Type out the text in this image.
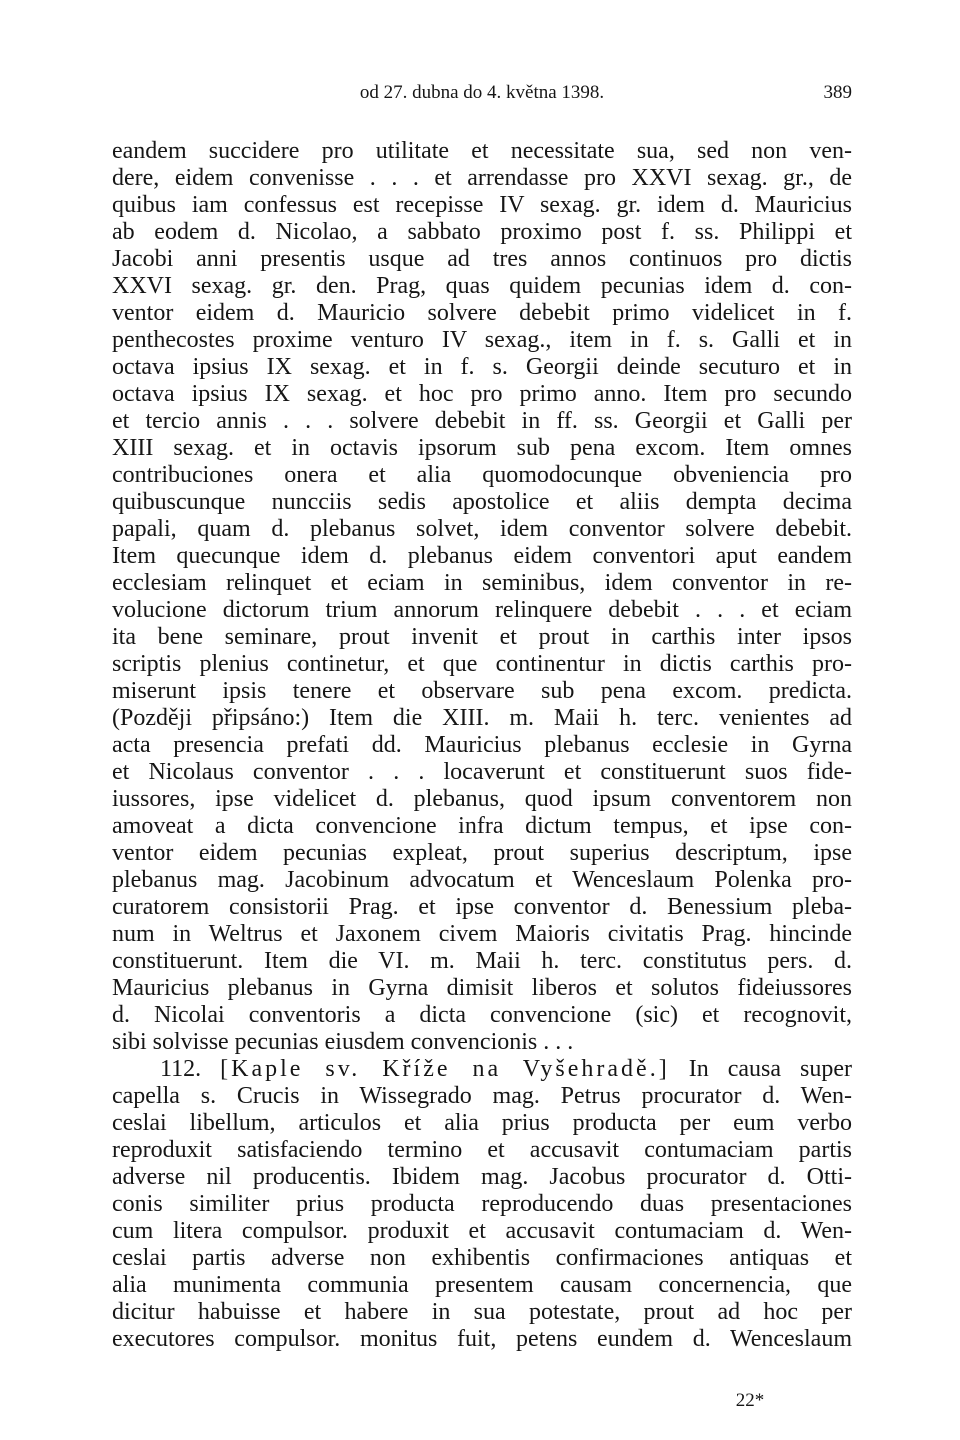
od 27. dubna do 4. května 1398.	389
eandem succidere pro utilitate et necessitate sua, sed non ven-
dere, eidem convenisse . . . et arrendasse pro XXVI sexag. gr., de
quibus iam confessus est recepisse IV sexag. gr. idem d. Mauricius
ab eodem d. Nicolao, a sabbato proximo post f. ss. Philippi et
Jacobi anni presentis usque ad tres annos continuos pro dictis
XXVI sexag. gr. den. Prag, quas quidem pecunias idem d. con-
ventor eidem d. Mauricio solvere debebit primo videlicet in f.
penthecostes proxime venturo IV sexag., item in f. s. Galli et in
octava ipsius IX sexag. et in f. s. Georgii deinde secuturo et in
octava ipsius IX sexag. et hoc pro primo anno. Item pro secundo
et tercio annis . . . solvere debebit in ff. ss. Georgii et Galli per
XIII sexag. et in octavis ipsorum sub pena excom. Item omnes
contribuciones onera et alia quomodocunque obveniencia pro
quibuscunque nuncciis sedis apostolice et aliis dempta decima
papali, quam d. plebanus solvet, idem conventor solvere debebit.
Item quecunque idem d. plebanus eidem conventori aput eandem
ecclesiam relinquet et eciam in seminibus, idem conventor in re-
volucione dictorum trium annorum relinquere debebit . . . et eciam
ita bene seminare, prout invenit et prout in carthis inter ipsos
scriptis plenius continetur, et que continentur in dictis carthis pro-
miserunt ipsis tenere et observare sub pena excom. predicta.
(Později připsáno:) Item die XIII. m. Maii h. terc. venientes ad
acta presencia prefati dd. Mauricius plebanus ecclesie in Gyrna
et Nicolaus conventor . . . locaverunt et constituerunt suos fide-
iussores, ipse videlicet d. plebanus, quod ipsum conventorem non
amoveat a dicta convencione infra dictum tempus, et ipse con-
ventor eidem pecunias expleat, prout superius descriptum, ipse
plebanus mag. Jacobinum advocatum et Wenceslaum Polenka pro-
curatorem consistorii Prag. et ipse conventor d. Benessium pleba-
num in Weltrus et Jaxonem civem Maioris civitatis Prag. hincinde
constituerunt. Item die VI. m. Maii h. terc. constitutus pers. d.
Mauricius plebanus in Gyrna dimisit liberos et solutos fideiussores
d. Nicolai conventoris a dicta convencione (sic) et recognovit,
sibi solvisse pecunias eiusdem convencionis . . .
112. [Kaple sv. Kříže na Vyšehradě.] In causa super
capella s. Crucis in Wissegrado mag. Petrus procurator d. Wen-
ceslai libellum, articulos et alia prius producta per eum verbo
reproduxit satisfaciendo termino et accusavit contumaciam partis
adverse nil producentis. Ibidem mag. Jacobus procurator d. Otti-
conis similiter prius producta reproducendo duas presentaciones
cum litera compulsor. produxit et accusavit contumaciam d. Wen-
ceslai partis adverse non exhibentis confirmaciones antiquas et
alia munimenta communia presentem causam concernencia, que
dicitur habuisse et habere in sua potestate, prout ad hoc per
executores compulsor. monitus fuit, petens eundem d. Wenceslaum
22*
